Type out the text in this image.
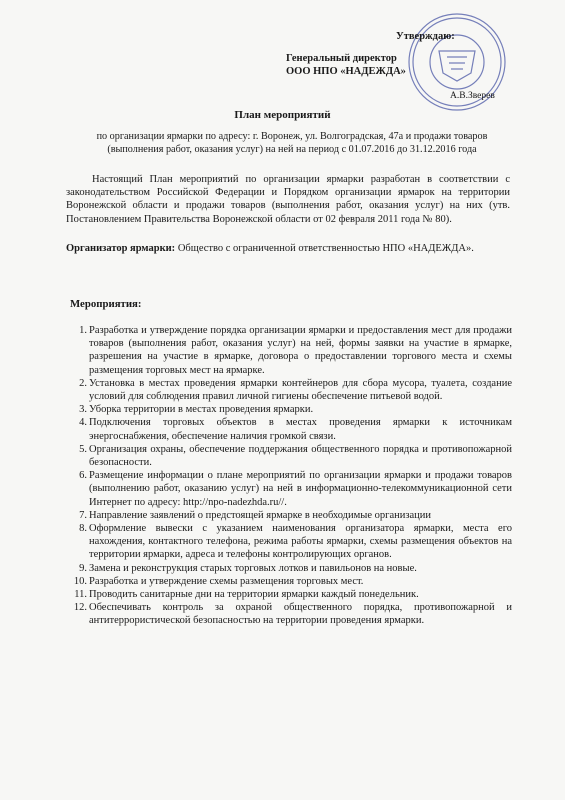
Утверждаю:
Генеральный директор
ООО НПО «НАДЕЖДА»
А.В.Зверев
План мероприятий
по организации ярмарки по адресу: г. Воронеж, ул. Волгоградская, 47а и продажи товаров
(выполнения работ, оказания услуг) на ней на период с 01.07.2016 до 31.12.2016 года
Настоящий План мероприятий по организации ярмарки разработан в соответствии с законодательством Российской Федерации и Порядком организации ярмарок на территории Воронежской области и продажи товаров (выполнения работ, оказания услуг) на них (утв. Постановлением Правительства Воронежской области от 02 февраля 2011 года № 80).
Организатор ярмарки: Общество с ограниченной ответственностью НПО «НАДЕЖДА».
Мероприятия:
1. Разработка и утверждение порядка организации ярмарки и предоставления мест для продажи товаров (выполнения работ, оказания услуг) на ней, формы заявки на участие в ярмарке, разрешения на участие в ярмарке, договора о предоставлении торгового места и схемы размещения торговых мест на ярмарке.
2. Установка в местах проведения ярмарки контейнеров для сбора мусора, туалета, создание условий для соблюдения правил личной гигиены обеспечение питьевой водой.
3. Уборка территории в местах проведения ярмарки.
4. Подключения торговых объектов в местах проведения ярмарки к источникам энергоснабжения, обеспечение наличия громкой связи.
5. Организация охраны, обеспечение поддержания общественного порядка и противопожарной безопасности.
6. Размещение информации о плане мероприятий по организации ярмарки и продажи товаров (выполнению работ, оказанию услуг) на ней в информационно-телекоммуникационной сети Интернет по адресу: http://npo-nadezhda.ru//.
7. Направление заявлений о предстоящей ярмарке в необходимые организации
8. Оформление вывески с указанием наименования организатора ярмарки, места его нахождения, контактного телефона, режима работы ярмарки, схемы размещения объектов на территории ярмарки, адреса и телефоны контролирующих органов.
9. Замена и реконструкция старых торговых лотков и павильонов на новые.
10. Разработка и утверждение схемы размещения торговых мест.
11. Проводить санитарные дни на территории ярмарки каждый понедельник.
12. Обеспечивать контроль за охраной общественного порядка, противопожарной и антитеррористической безопасностью на территории проведения ярмарки.
